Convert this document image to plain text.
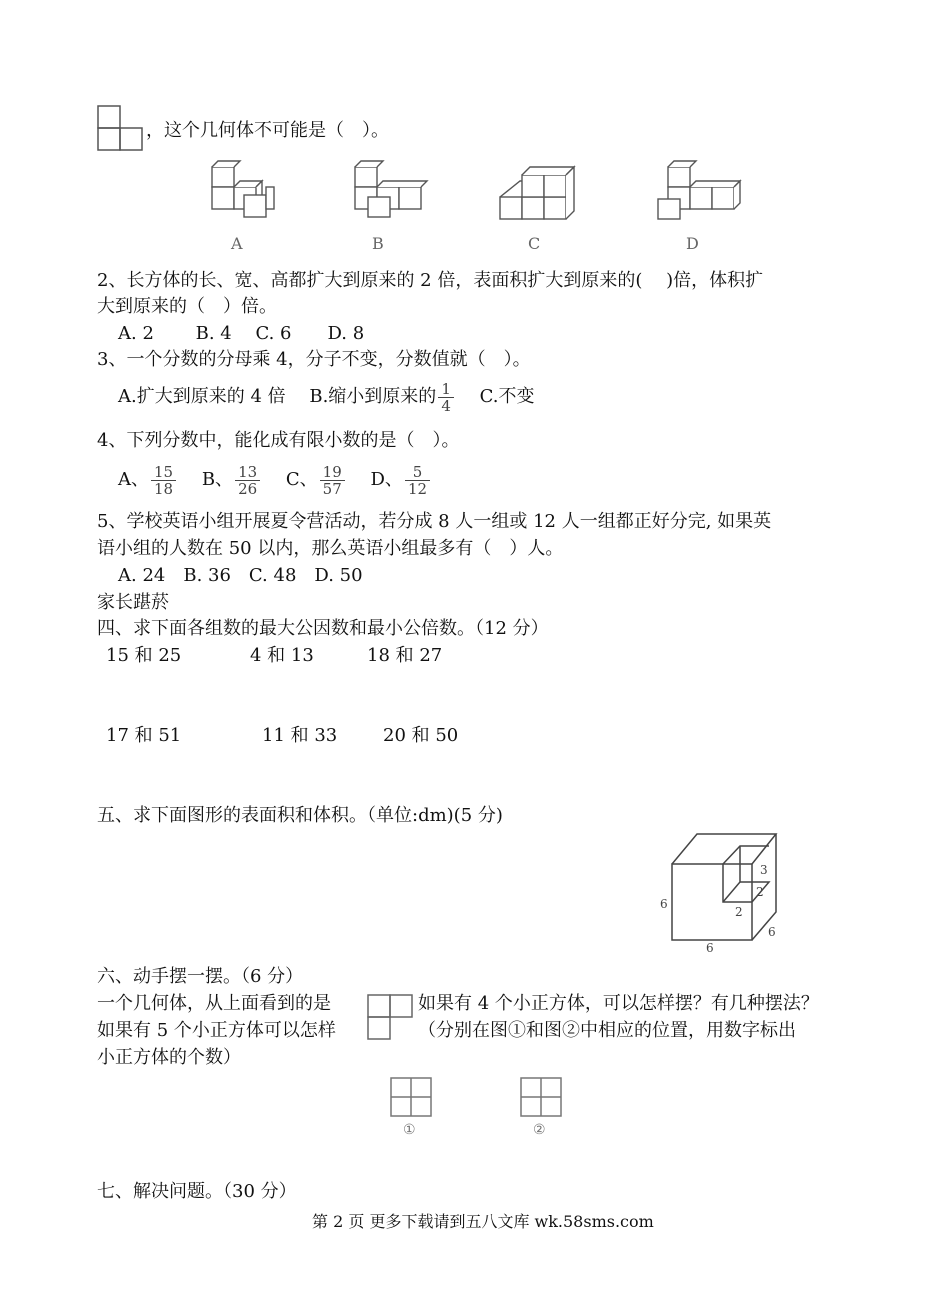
，这个几何体不可能是（　）。
A	B	C	D
2、长方体的长、宽、高都扩大到原来的 2 倍，表面积扩大到原来的(　 )倍，体积扩
大到原来的（　）倍。
A. 2　　 B. 4　 C. 6　　D. 8
3、一个分数的分母乘 4，分子不变，分数值就（　）。
A.扩大到原来的 4 倍　 B.缩小到原来的 $\frac{1}{4}$
　 C.不变
4、下列分数中，能化成有限小数的是（　）。
A、 $\frac{15}{18}$
　 B、 $\frac{13}{26}$
　 C、 $\frac{19}{57}$
　 D、 $\frac{5}{12}$
5、学校英语小组开展夏令营活动，若分成 8 人一组或 12 人一组都正好分完, 如果英
语小组的人数在 50 以内，那么英语小组最多有（　）人。
A. 24　B. 36　C. 48　D. 50
家长踸菸
四、求下面各组数的最大公因数和最小公倍数。（12 分）
15 和 25	4 和 13	18 和 27
17 和 51	11 和 33	20 和 50
五、求下面图形的表面积和体积。（单位:dm)(5 分)
3
2
2
6
6
6
六、动手摆一摆。（6 分）
一个几何体，从上面看到的是	如果有 4 个小正方体，可以怎样摆？有几种摆法？
如果有 5 个小正方体可以怎样	（分别在图①和图②中相应的位置，用数字标出
小正方体的个数）
①	②
七、解决问题。（30 分）
第 2 页 更多下载请到五八文库 wk.58sms.com
